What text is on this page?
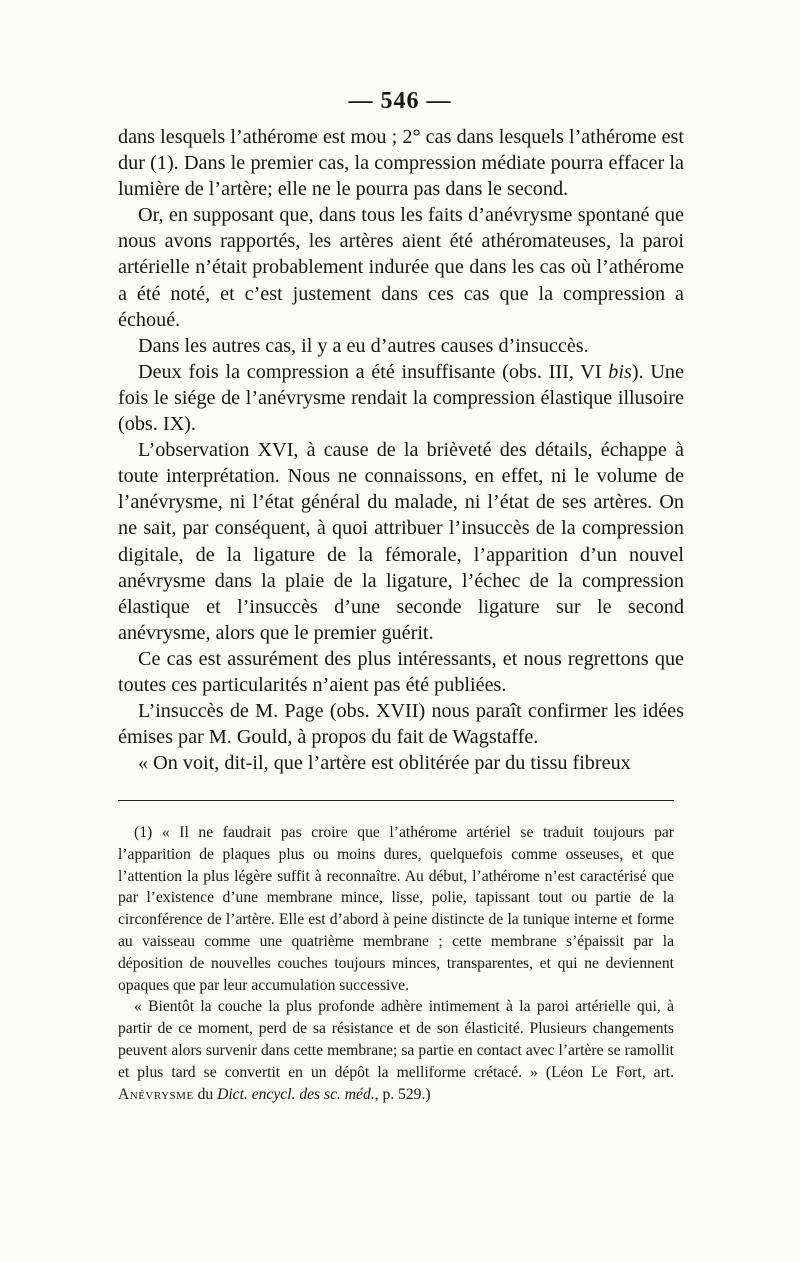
— 546 —

dans lesquels l’athérome est mou ; 2° cas dans lesquels l’athérome est dur (1). Dans le premier cas, la compression médiate pourra effacer la lumière de l’artère; elle ne le pourra pas dans le second.

Or, en supposant que, dans tous les faits d’anévrysme spontané que nous avons rapportés, les artères aient été athéromateuses, la paroi artérielle n’était probablement indurée que dans les cas où l’athérome a été noté, et c’est justement dans ces cas que la compression a échoué.

Dans les autres cas, il y a eu d’autres causes d’insuccès.

Deux fois la compression a été insuffisante (obs. III, VI bis). Une fois le siége de l’anévrysme rendait la compression élastique illusoire (obs. IX).

L’observation XVI, à cause de la brièveté des détails, échappe à toute interprétation. Nous ne connaissons, en effet, ni le volume de l’anévrysme, ni l’état général du malade, ni l’état de ses artères. On ne sait, par conséquent, à quoi attribuer l’insuccès de la compression digitale, de la ligature de la fémorale, l’apparition d’un nouvel anévrysme dans la plaie de la ligature, l’échec de la compression élastique et l’insuccès d’une seconde ligature sur le second anévrysme, alors que le premier guérit.

Ce cas est assurément des plus intéressants, et nous regrettons que toutes ces particularités n’aient pas été publiées.

L’insuccès de M. Page (obs. XVII) nous paraît confirmer les idées émises par M. Gould, à propos du fait de Wagstaffe.

« On voit, dit-il, que l’artère est oblitérée par du tissu fibreux

(1) « Il ne faudrait pas croire que l’athérome artériel se traduit toujours par l’apparition de plaques plus ou moins dures, quelquefois comme osseuses, et que l’attention la plus légère suffit à reconnaître. Au début, l’athérome n’est caractérisé que par l’existence d’une membrane mince, lisse, polie, tapissant tout ou partie de la circonférence de l’artère. Elle est d’abord à peine distincte de la tunique interne et forme au vaisseau comme une quatrième membrane ; cette membrane s’épaissit par la déposition de nouvelles couches toujours minces, transparentes, et qui ne deviennent opaques que par leur accumulation successive.

« Bientôt la couche la plus profonde adhère intimement à la paroi artérielle qui, à partir de ce moment, perd de sa résistance et de son élasticité. Plusieurs changements peuvent alors survenir dans cette membrane; sa partie en contact avec l’artère se ramollit et plus tard se convertit en un dépôt la melliforme crétacé. » (Léon Le Fort, art. Anévrysme du Dict. encycl. des sc. méd., p. 529.)
